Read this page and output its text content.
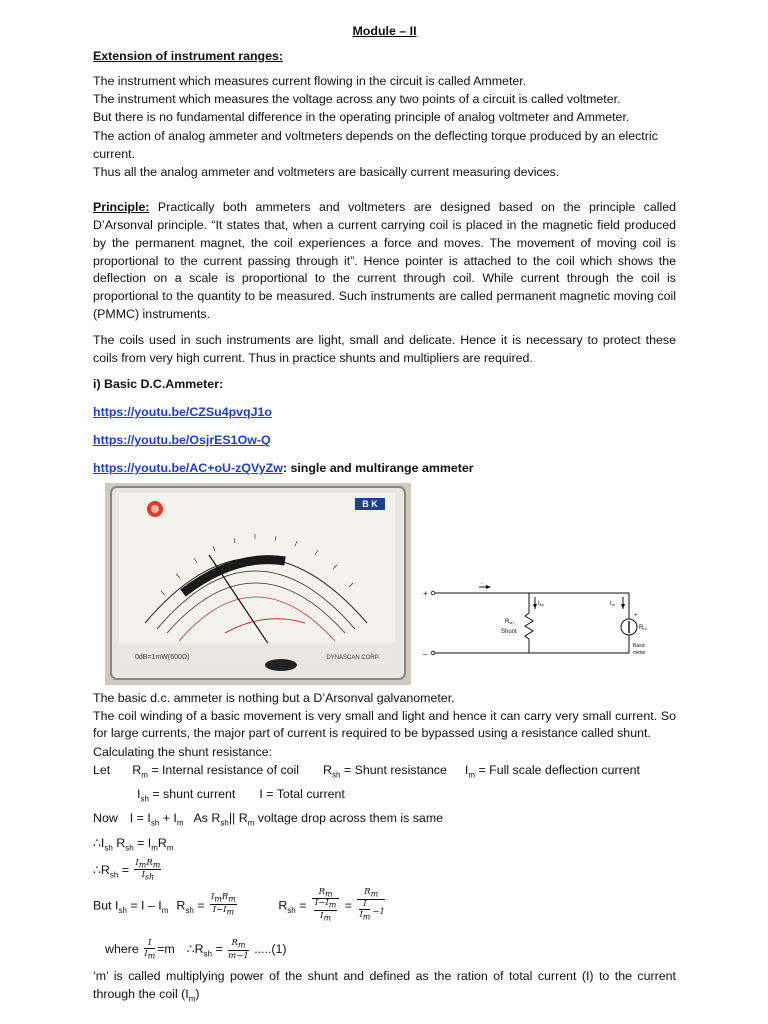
Module – II

Extension of instrument ranges:

The instrument which measures current flowing in the circuit is called Ammeter.

The instrument which measures the voltage across any two points of a circuit is called voltmeter.

But there is no fundamental difference in the operating principle of analog voltmeter and Ammeter.

The action of analog ammeter and voltmeters depends on the deflecting torque produced by an electric current.

Thus all the analog ammeter and voltmeters are basically current measuring devices.

Principle: Practically both ammeters and voltmeters are designed based on the principle called D’Arsonval principle. “It states that, when a current carrying coil is placed in the magnetic field produced by the permanent magnet, the coil experiences a force and moves. The movement of moving coil is proportional to the current passing through it”. Hence pointer is attached to the coil which shows the deflection on a scale is proportional to the current through coil. While current through the coil is proportional to the quantity to be measured. Such instruments are called permanent magnetic moving coil (PMMC) instruments.

The coils used in such instruments are light, small and delicate. Hence it is necessary to protect these coils from very high current. Thus in practice shunts and multipliers are required.

i) Basic D.C.Ammeter:

https://youtu.be/CZSu4pvqJ1o

https://youtu.be/OsjrES1Ow-Q

https://youtu.be/AC+oU-zQVyZw: single and multirange ammeter

B K
0dB=1mW(600Ω)	DYNASCAN CORP.
+
–
I
Ish	Im
Rsh
Shunt
Rm
+
Basic
meter

The basic d.c. ammeter is nothing but a D’Arsonval galvanometer.

The coil winding of a basic movement is very small and light and hence it can carry very small current. So for large currents, the major part of current is required to be bypassed using a resistance called shunt.

Calculating the shunt resistance:

Let $R_m$ = Internal resistance of coil $R_{sh}$ = Shunt resistance $I_m$ = Full scale deflection current

$I_{sh}$ = shunt current I = Total current

Now $I = I_{sh} + I_m$ As $R_{sh}||$ $R_m$ voltage drop across them is same

$\therefore I_{sh}$ $R_{sh} = I_mR_m$

$\therefore R_{sh} = \frac{I_mR_m}{I_{sh}}$

But $I_{sh} = I - I_m$ $R_{sh} = \frac{I_mR_m}{I-I_m}$	$R_{sh} = \frac{R_m}{\frac{I-I_m}{I_m}} = \frac{R_m}{\frac{I}{I_m} -1}$

where $\frac{I}{I_m} =m$ $\therefore R_{sh} = \frac{R_m}{m-1} .....(1)$

‘m’ is called multiplying power of the shunt and defined as the ration of total current (I) to the current through the coil $(I_m)$
